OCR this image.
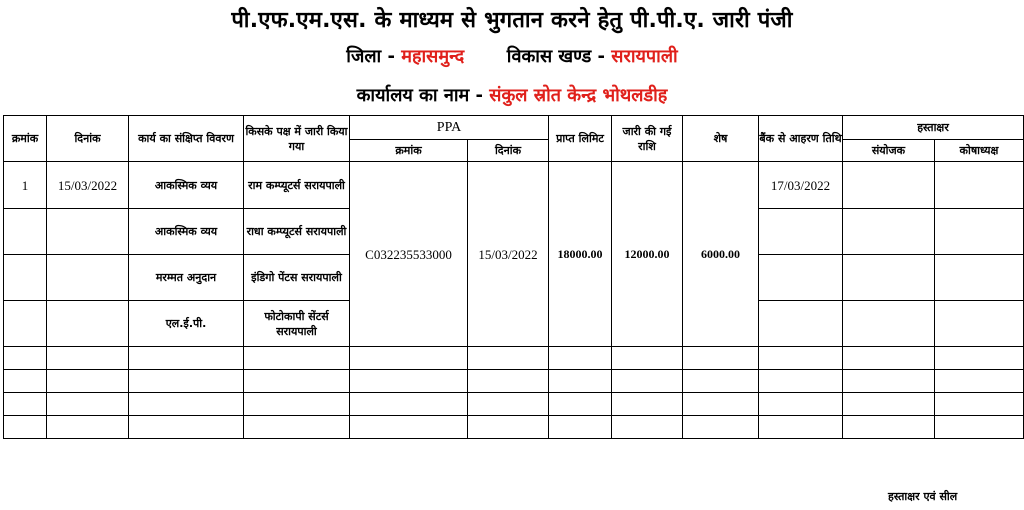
पी.एफ.एम.एस. के माध्यम से भुगतान करने हेतु पी.पी.ए. जारी पंजी
जिला - महासमुन्द विकास खण्ड - सरायपाली
कार्यालय का नाम - संकुल स्रोत केन्द्र भोथलडीह
क्रमांक	दिनांक	कार्य का संक्षिप्त विवरण	किसके पक्ष में जारी किया गया	PPA		प्राप्त लिमिट	जारी की गई राशि	शेष	बैंक से आहरण तिथि	हस्ताक्षर	
				क्रमांक	दिनांक					संयोजक	कोषाध्यक्ष
1	15/03/2022	आकस्मिक व्यय	राम कम्प्यूटर्स सरायपाली	C032235533000	15/03/2022	18000.00	12000.00	6000.00	17/03/2022		
		आकस्मिक व्यय	राधा कम्प्यूटर्स सरायपाली								
		मरम्मत अनुदान	इंडिगो पेंटस सरायपाली								
		एल.ई.पी.	फोटोकापी सेंटर्स सरायपाली								

हस्ताक्षर एवं सील
